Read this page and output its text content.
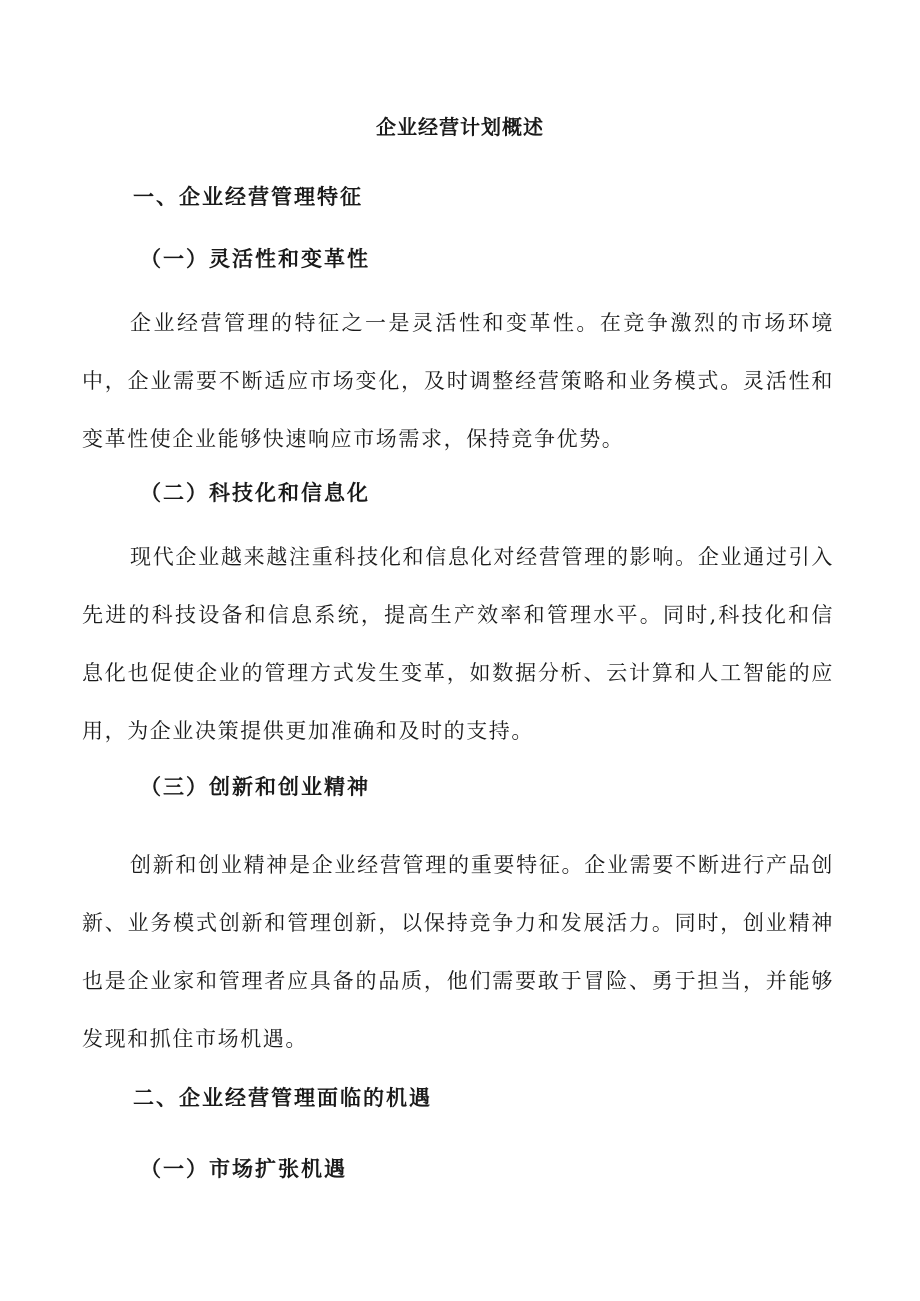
企业经营计划概述
一、企业经营管理特征
（一）灵活性和变革性

企业经营管理的特征之一是灵活性和变革性。在竞争激烈的市场环境中，企业需要不断适应市场变化，及时调整经营策略和业务模式。灵活性和变革性使企业能够快速响应市场需求，保持竞争优势。

（二）科技化和信息化

现代企业越来越注重科技化和信息化对经营管理的影响。企业通过引入先进的科技设备和信息系统，提高生产效率和管理水平。同时,科技化和信息化也促使企业的管理方式发生变革，如数据分析、云计算和人工智能的应用，为企业决策提供更加准确和及时的支持。

（三）创新和创业精神

创新和创业精神是企业经营管理的重要特征。企业需要不断进行产品创新、业务模式创新和管理创新，以保持竞争力和发展活力。同时，创业精神也是企业家和管理者应具备的品质，他们需要敢于冒险、勇于担当，并能够发现和抓住市场机遇。

二、企业经营管理面临的机遇
（一）市场扩张机遇
